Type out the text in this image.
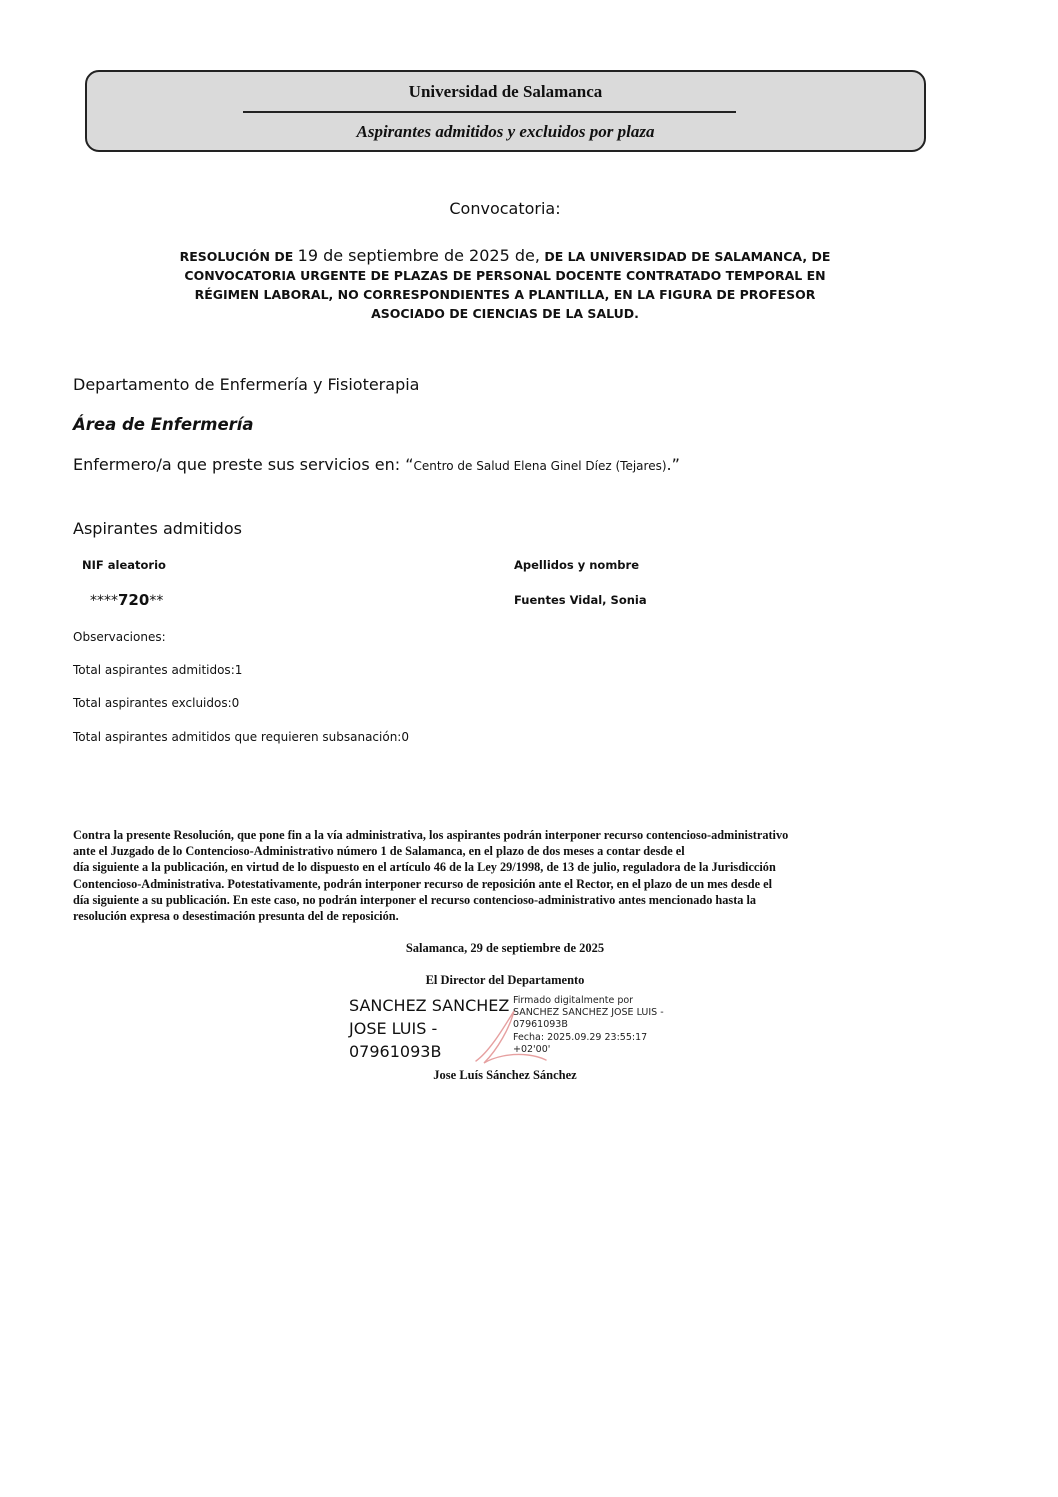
Universidad de Salamanca
Aspirantes admitidos y excluidos por plaza
Convocatoria:
RESOLUCIÓN DE 19 de septiembre de 2025 de, DE LA UNIVERSIDAD DE SALAMANCA, DE
CONVOCATORIA URGENTE DE PLAZAS DE PERSONAL DOCENTE CONTRATADO TEMPORAL EN
RÉGIMEN LABORAL, NO CORRESPONDIENTES A PLANTILLA, EN LA FIGURA DE PROFESOR
ASOCIADO DE CIENCIAS DE LA SALUD.
Departamento de Enfermería y Fisioterapia
Área de Enfermería
Enfermero/a que preste sus servicios en: “Centro de Salud Elena Ginel Díez (Tejares).”
Aspirantes admitidos
NIF aleatorio	Apellidos y nombre
****720**	Fuentes Vidal, Sonia
Observaciones:
Total aspirantes admitidos:1
Total aspirantes excluidos:0
Total aspirantes admitidos que requieren subsanación:0
Contra la presente Resolución, que pone fin a la vía administrativa, los aspirantes podrán interponer recurso contencioso-administrativo
ante el Juzgado de lo Contencioso-Administrativo número 1 de Salamanca, en el plazo de dos meses a contar desde el
día siguiente a la publicación, en virtud de lo dispuesto en el artículo 46 de la Ley 29/1998, de 13 de julio, reguladora de la Jurisdicción
Contencioso-Administrativa. Potestativamente, podrán interponer recurso de reposición ante el Rector, en el plazo de un mes desde el
día siguiente a su publicación. En este caso, no podrán interponer el recurso contencioso-administrativo antes mencionado hasta la
resolución expresa o desestimación presunta del de reposición.
Salamanca, 29 de septiembre de 2025
El Director del Departamento
SANCHEZ SANCHEZ
JOSE LUIS -
07961093B
Firmado digitalmente por
SANCHEZ SANCHEZ JOSE LUIS -
07961093B
Fecha: 2025.09.29 23:55:17
+02'00'
Jose Luís Sánchez Sánchez
